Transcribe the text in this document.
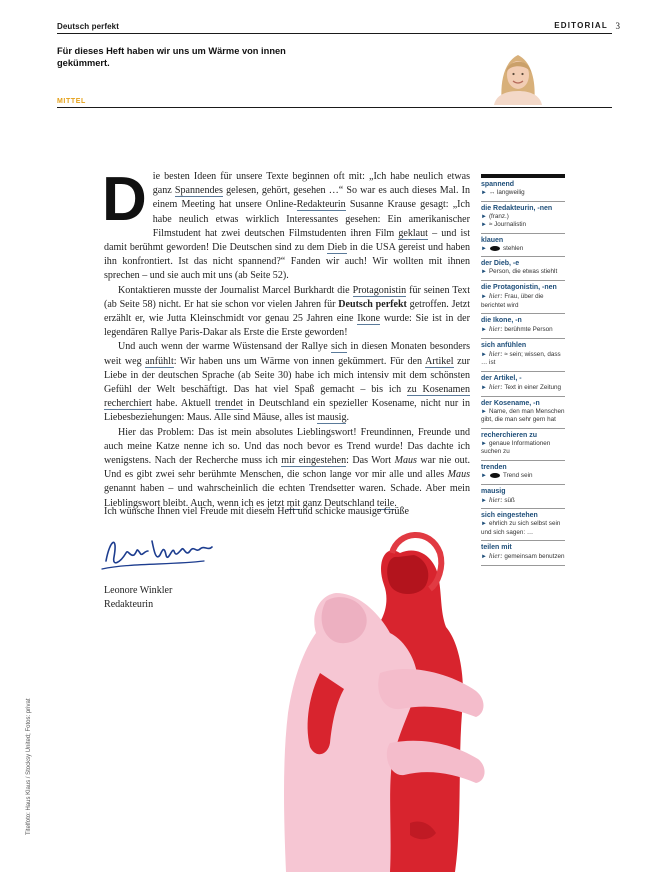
Deutsch perfekt	EDITORIAL 3
Für dieses Heft haben wir uns um Wärme von innen gekümmert.
MITTEL
D ie besten Ideen für unsere Texte beginnen oft mit: „Ich habe neulich etwas ganz Spannendes gelesen, gehört, gesehen …“ So war es auch dieses Mal. In einem Meeting hat unsere Online-Redakteurin Susanne Krause gesagt: „Ich habe neulich etwas wirklich Interessantes gesehen: Ein amerikanischer Filmstudent hat zwei deutschen Filmstudenten ihren Film geklaut – und ist damit berühmt geworden! Die Deutschen sind zu dem Dieb in die USA gereist und haben ihn konfrontiert. Ist das nicht spannend?“ Fanden wir auch! Wir wollten mit ihnen sprechen – und sie auch mit uns (ab Seite 52).

Kontaktieren musste der Journalist Marcel Burkhardt die Protagonistin für seinen Text (ab Seite 58) nicht. Er hat sie schon vor vielen Jahren für Deutsch perfekt getroffen. Jetzt erzählt er, wie Jutta Kleinschmidt vor genau 25 Jahren eine Ikone wurde: Sie ist in der legendären Rallye Paris-Dakar als Erste die Erste geworden!

Und auch wenn der warme Wüstensand der Rallye sich in diesen Monaten besonders weit weg anfühlt: Wir haben uns um Wärme von innen gekümmert. Für den Artikel zur Liebe in der deutschen Sprache (ab Seite 30) habe ich mich intensiv mit dem schönsten Gefühl der Welt beschäftigt. Das hat viel Spaß gemacht – bis ich zu Kosenamen recherchiert habe. Aktuell trendet in Deutschland ein spezieller Kosename, nicht nur in Liebesbeziehungen: Maus. Alle sind Mäuse, alles ist mausig.

Hier das Problem: Das ist mein absolutes Lieblingswort! Freundinnen, Freunde und auch meine Katze nenne ich so. Und das noch bevor es Trend wurde! Das dachte ich wenigstens. Nach der Recherche muss ich mir eingestehen: Das Wort Maus war nie out. Und es gibt zwei sehr berühmte Menschen, die schon lange vor mir alle und alles Maus genannt haben – und wahrscheinlich die echten Trendsetter waren. Schade. Aber mein Lieblingswort bleibt. Auch, wenn ich es jetzt mit ganz Deutschland teile.

Ich wünsche Ihnen viel Freude mit diesem Heft und schicke mausige Grüße
Leonore Winkler
Redakteurin
Titelfoto: Haus Klaus / Stocksy United; Fotos: privat
spannend
► ↔ langweilig
die Redakteurin, -nen
► (franz.)
► ≈ Journalistin
klauen
►	stehlen
der Dieb, -e
► Person, die etwas stiehlt
die Protagonistin, -nen
► hier: Frau, über die berichtet wird
die Ikone, -n
► hier: berühmte Person
sich anfühlen
► hier: ≈ sein; wissen, dass … ist
der Artikel, -
► hier: Text in einer Zeitung
der Kosename, -n
► Name, den man Menschen gibt, die man sehr gern hat
recherchieren zu
► genaue Informationen suchen zu
trenden
►	Trend sein
mausig
► hier: süß
sich eingestehen
► ehrlich zu sich selbst sein und sich sagen: …
teilen mit
► hier: gemeinsam benutzen
